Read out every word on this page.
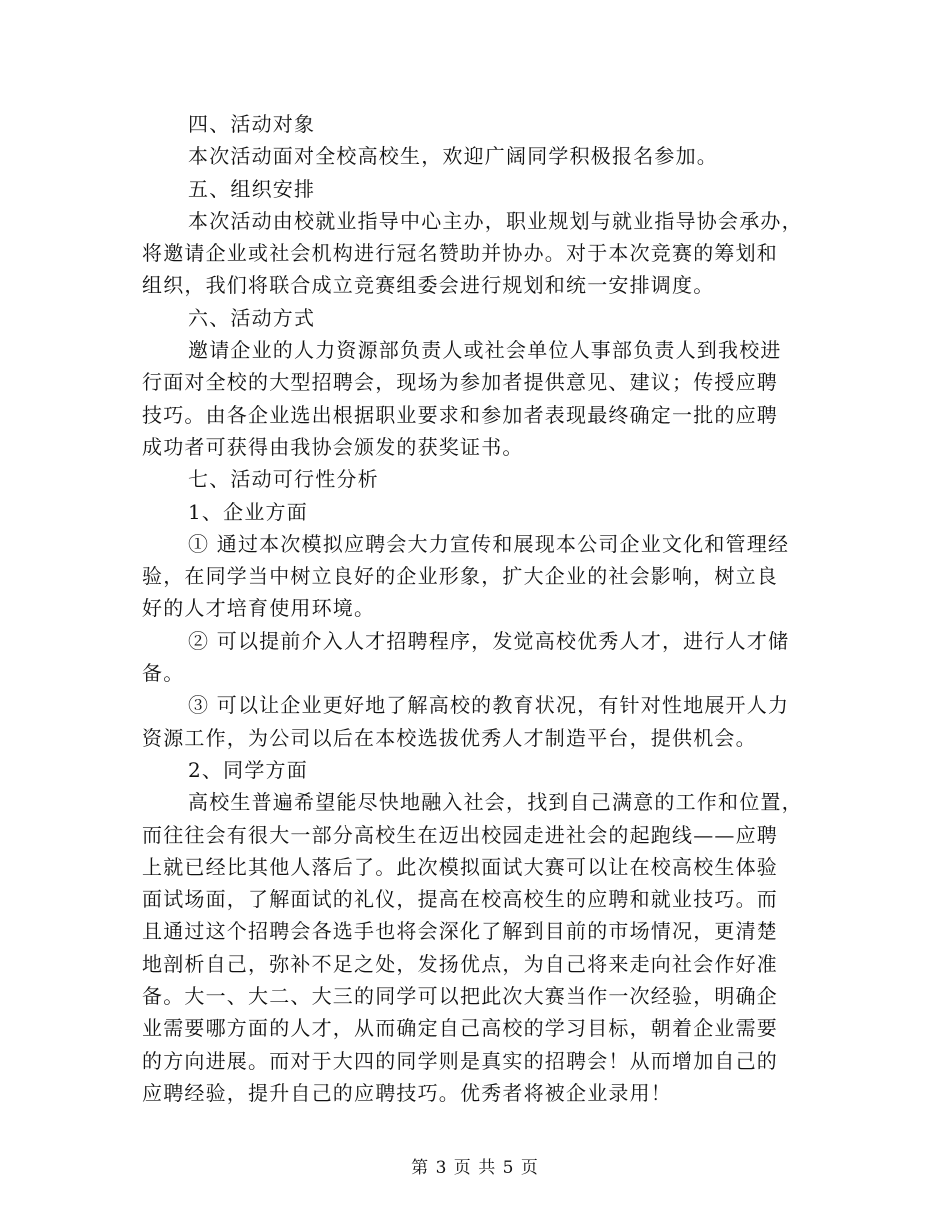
四、活动对象
本次活动面对全校高校生，欢迎广阔同学积极报名参加。
五、组织安排
本次活动由校就业指导中心主办，职业规划与就业指导协会承办，
将邀请企业或社会机构进行冠名赞助并协办。对于本次竞赛的筹划和
组织，我们将联合成立竞赛组委会进行规划和统一安排调度。
六、活动方式
邀请企业的人力资源部负责人或社会单位人事部负责人到我校进
行面对全校的大型招聘会，现场为参加者提供意见、建议；传授应聘
技巧。由各企业选出根据职业要求和参加者表现最终确定一批的应聘
成功者可获得由我协会颁发的获奖证书。
七、活动可行性分析
1、企业方面
① 通过本次模拟应聘会大力宣传和展现本公司企业文化和管理经
验，在同学当中树立良好的企业形象，扩大企业的社会影响，树立良
好的人才培育使用环境。
② 可以提前介入人才招聘程序，发觉高校优秀人才，进行人才储
备。
③ 可以让企业更好地了解高校的教育状况，有针对性地展开人力
资源工作，为公司以后在本校选拔优秀人才制造平台，提供机会。
2、同学方面
高校生普遍希望能尽快地融入社会，找到自己满意的工作和位置，
而往往会有很大一部分高校生在迈出校园走进社会的起跑线——应聘
上就已经比其他人落后了。此次模拟面试大赛可以让在校高校生体验
面试场面，了解面试的礼仪，提高在校高校生的应聘和就业技巧。而
且通过这个招聘会各选手也将会深化了解到目前的市场情况，更清楚
地剖析自己，弥补不足之处，发扬优点，为自己将来走向社会作好准
备。大一、大二、大三的同学可以把此次大赛当作一次经验，明确企
业需要哪方面的人才，从而确定自己高校的学习目标，朝着企业需要
的方向进展。而对于大四的同学则是真实的招聘会！从而增加自己的
应聘经验，提升自己的应聘技巧。优秀者将被企业录用！
第 3 页 共 5 页
